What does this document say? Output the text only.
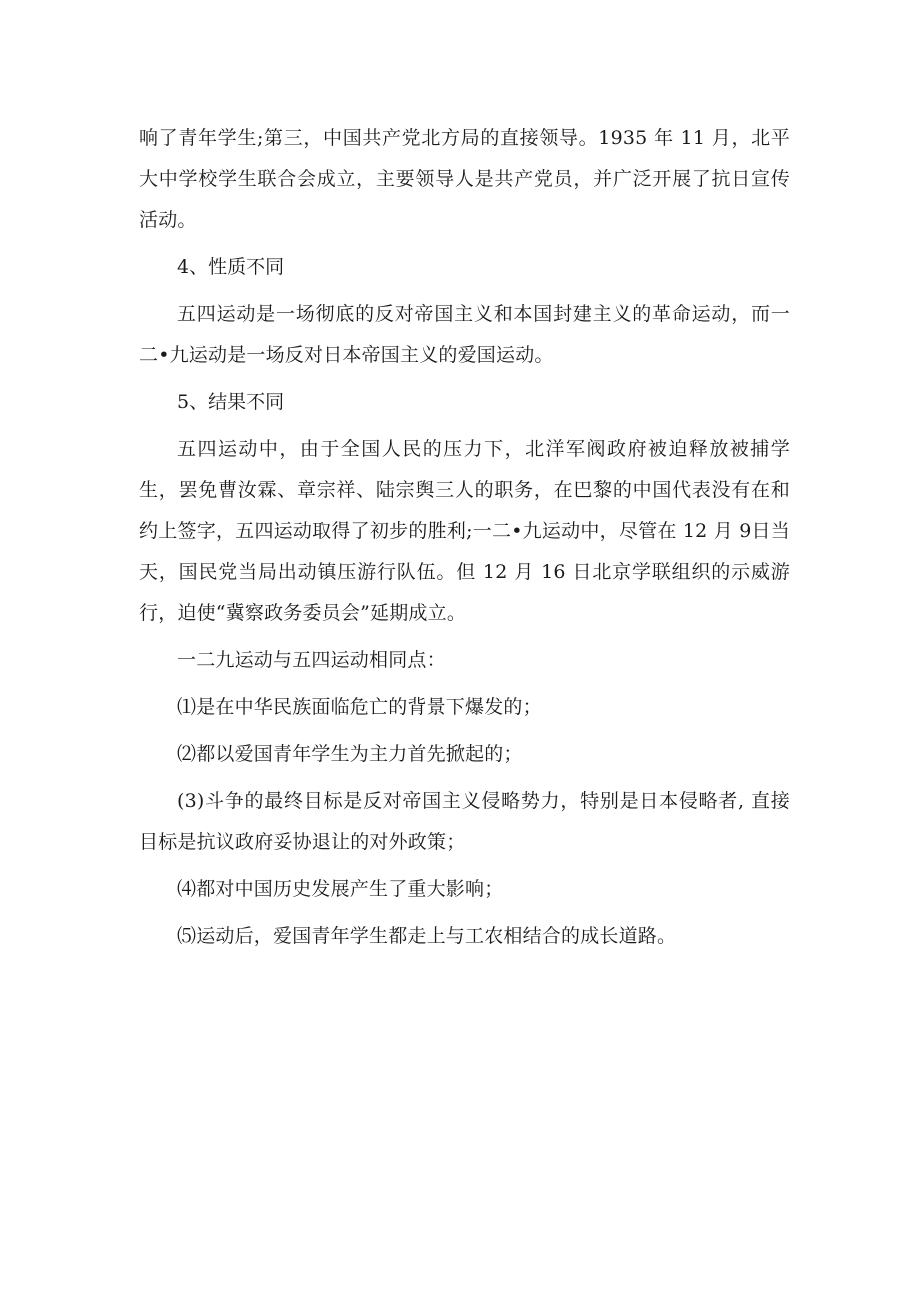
响了青年学生;第三，中国共产党北方局的直接领导。1935 年 11 月，北平大中学校学生联合会成立，主要领导人是共产党员，并广泛开展了抗日宣传活动。

4、性质不同

五四运动是一场彻底的反对帝国主义和本国封建主义的革命运动，而一二•九运动是一场反对日本帝国主义的爱国运动。

5、结果不同

五四运动中，由于全国人民的压力下，北洋军阀政府被迫释放被捕学生，罢免曹汝霖、章宗祥、陆宗舆三人的职务，在巴黎的中国代表没有在和约上签字，五四运动取得了初步的胜利;一二•九运动中，尽管在 12 月 9日当天，国民党当局出动镇压游行队伍。但 12 月 16 日北京学联组织的示威游行，迫使“冀察政务委员会”延期成立。

一二九运动与五四运动相同点：

⑴是在中华民族面临危亡的背景下爆发的；

⑵都以爱国青年学生为主力首先掀起的；

(3)斗争的最终目标是反对帝国主义侵略势力，特别是日本侵略者, 直接目标是抗议政府妥协退让的对外政策；

⑷都对中国历史发展产生了重大影响；

⑸运动后，爱国青年学生都走上与工农相结合的成长道路。
